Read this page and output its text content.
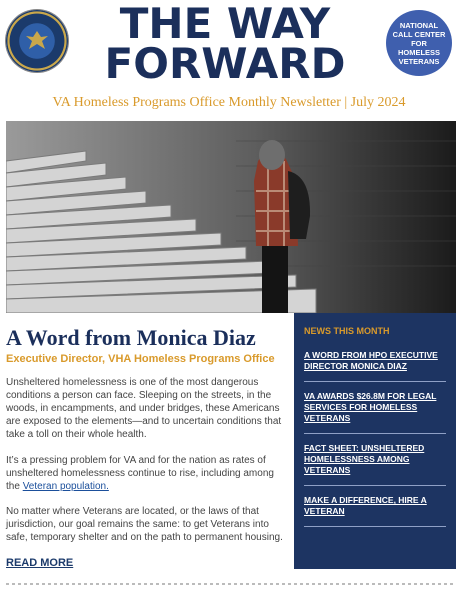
THE WAY
FORWARD
NATIONAL CALL CENTER FOR HOMELESS VETERANS
VA Homeless Programs Office Monthly Newsletter | July 2024
A Word from Monica Diaz
Executive Director, VHA Homeless Programs Office

Unsheltered homelessness is one of the most dangerous conditions a person can face. Sleeping on the streets, in the woods, in encampments, and under bridges, these Americans are exposed to the elements—and to uncertain conditions that take a toll on their whole health.

It’s a pressing problem for VA and for the nation as rates of unsheltered homelessness continue to rise, including among the Veteran population.

No matter where Veterans are located, or the laws of that jurisdiction, our goal remains the same: to get Veterans into safe, temporary shelter and on the path to permanent housing.

READ MORE
NEWS THIS MONTH
A WORD FROM HPO EXECUTIVE DIRECTOR MONICA DIAZ
VA AWARDS $26.8M FOR LEGAL SERVICES FOR HOMELESS VETERANS
FACT SHEET: UNSHELTERED HOMELESSNESS AMONG VETERANS
MAKE A DIFFERENCE, HIRE A VETERAN
